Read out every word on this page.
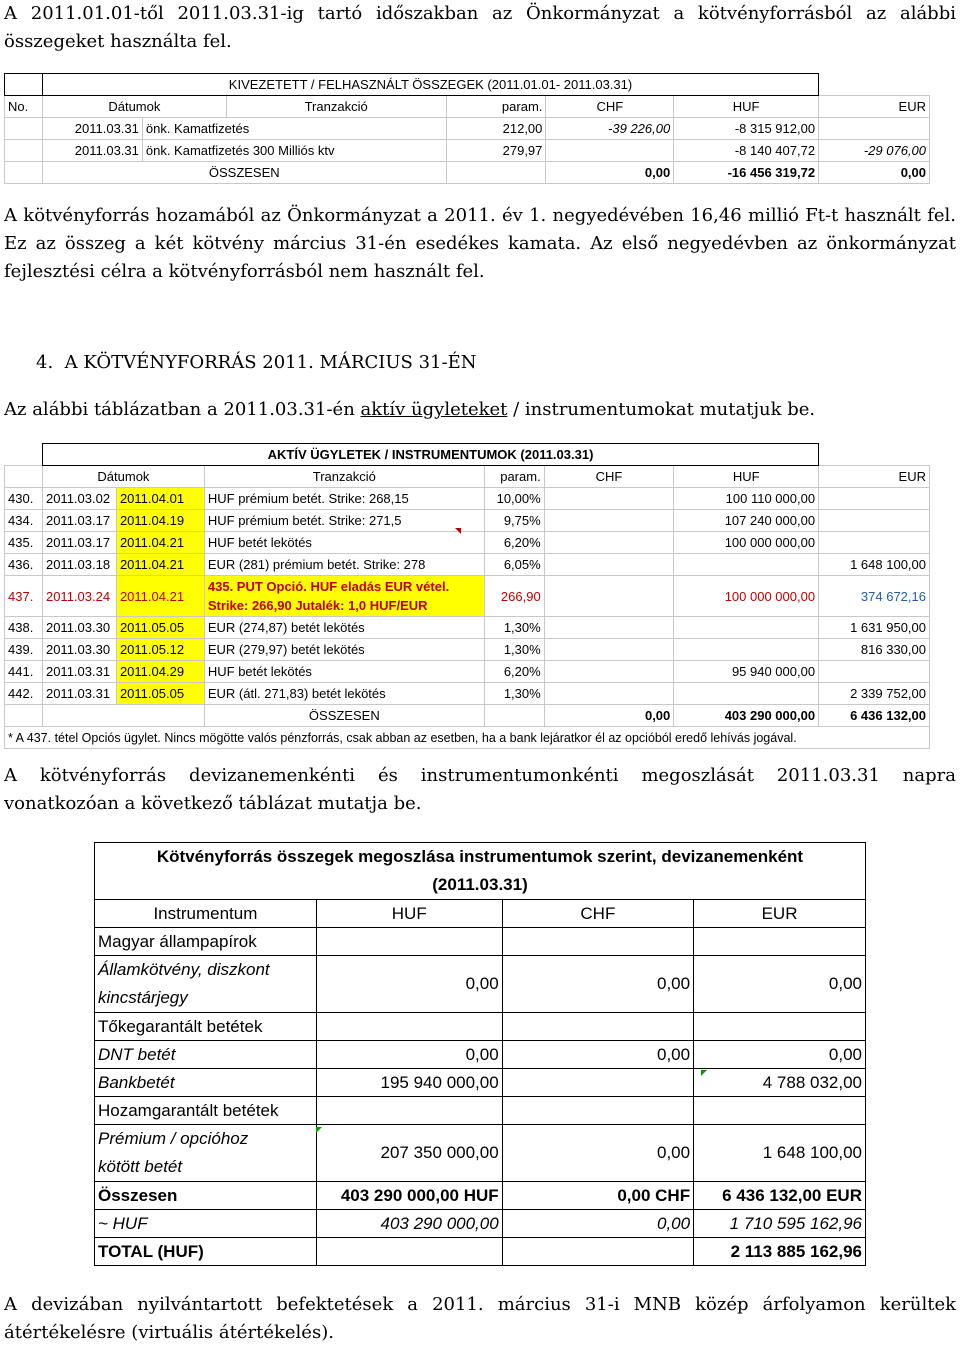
A 2011.01.01-től 2011.03.31-ig tartó időszakban az Önkormányzat a kötvényforrásból az alábbi összegeket használta fel.

	KIVEZETETT / FELHASZNÁLT ÖSSZEGEK (2011.01.01- 2011.03.31)						
No.	Dátumok		Tranzakció	param.	CHF	HUF	EUR
	2011.03.31	önk. Kamatfizetés		212,00	-39 226,00	-8 315 912,00	
	2011.03.31	önk. Kamatfizetés 300 Milliós ktv		279,97		-8 140 407,72	-29 076,00
	ÖSSZESEN				0,00	-16 456 319,72	0,00

A kötvényforrás hozamából az Önkormányzat a 2011. év 1. negyedévében 16,46 millió Ft-t használt fel. Ez az összeg a két kötvény március 31-én esedékes kamata. Az első negyedévben az önkormányzat fejlesztési célra a kötvényforrásból nem használt fel.

4. A KÖTVÉNYFORRÁS 2011. MÁRCIUS 31-ÉN

Az alábbi táblázatban a 2011.03.31-én aktív ügyleteket / instrumentumokat mutatjuk be.

	AKTÍV ÜGYLETEK / INSTRUMENTUMOK (2011.03.31)						
	Dátumok		Tranzakció	param.	CHF	HUF	EUR
430.	2011.03.02	2011.04.01	HUF prémium betét. Strike: 268,15	10,00%		100 110 000,00	
434.	2011.03.17	2011.04.19	HUF prémium betét. Strike: 271,5	9,75%		107 240 000,00	
435.	2011.03.17	2011.04.21	HUF betét lekötés	6,20%		100 000 000,00	
436.	2011.03.18	2011.04.21	EUR (281) prémium betét. Strike: 278	6,05%			1 648 100,00
437.	2011.03.24	2011.04.21	435. PUT Opció. HUF eladás EUR vétel.
Strike: 266,90 Jutalék: 1,0 HUF/EUR	266,90		100 000 000,00	374 672,16
438.	2011.03.30	2011.05.05	EUR (274,87) betét lekötés	1,30%			1 631 950,00
439.	2011.03.30	2011.05.12	EUR (279,97) betét lekötés	1,30%			816 330,00
441.	2011.03.31	2011.04.29	HUF betét lekötés	6,20%		95 940 000,00	
442.	2011.03.31	2011.05.05	EUR (átl. 271,83) betét lekötés	1,30%			2 339 752,00
			ÖSSZESEN		0,00	403 290 000,00	6 436 132,00
* A 437. tétel Opciós ügylet. Nincs mögötte valós pénzforrás, csak abban az esetben, ha a bank lejáratkor él az opcióból eredő lehívás jogával.							

A kötvényforrás devizanemenkénti és instrumentumonkénti megoszlását 2011.03.31 napra vonatkozóan a következő táblázat mutatja be.

Kötvényforrás összegek megoszlása instrumentumok szerint, devizanemenként
(2011.03.31)			
Instrumentum	HUF	CHF	EUR
Magyar állampapírok			
Államkötvény, diszkont
kincstárjegy	0,00	0,00	0,00
Tőkegarantált betétek			
DNT betét	0,00	0,00	0,00
Bankbetét	195 940 000,00		4 788 032,00
Hozamgarantált betétek			
Prémium / opcióhoz
kötött betét	207 350 000,00	0,00	1 648 100,00
Összesen	403 290 000,00 HUF	0,00 CHF	6 436 132,00 EUR
~ HUF	403 290 000,00	0,00	1 710 595 162,96
TOTAL (HUF)			2 113 885 162,96

A devizában nyilvántartott befektetések a 2011. március 31-i MNB közép árfolyamon kerültek átértékelésre (virtuális átértékelés).
